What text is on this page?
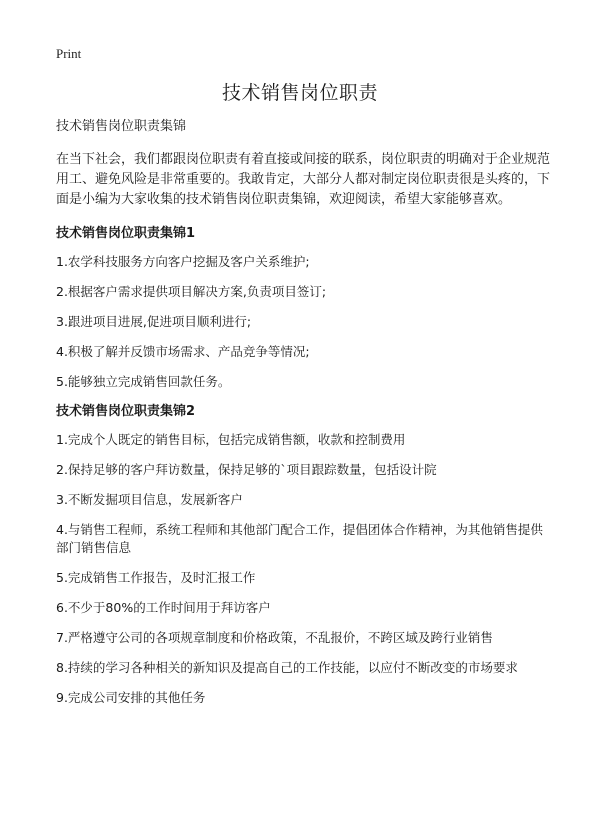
Print
技术销售岗位职责

技术销售岗位职责集锦

在当下社会，我们都跟岗位职责有着直接或间接的联系，岗位职责的明确对于企业规范用工、避免风险是非常重要的。我敢肯定，大部分人都对制定岗位职责很是头疼的，下面是小编为大家收集的技术销售岗位职责集锦，欢迎阅读，希望大家能够喜欢。

技术销售岗位职责集锦1

1.农学科技服务方向客户挖掘及客户关系维护;
2.根据客户需求提供项目解决方案,负责项目签订;
3.跟进项目进展,促进项目顺利进行;
4.积极了解并反馈市场需求、产品竞争等情况;
5.能够独立完成销售回款任务。

技术销售岗位职责集锦2

1.完成个人既定的销售目标，包括完成销售额，收款和控制费用
2.保持足够的客户拜访数量，保持足够的`项目跟踪数量，包括设计院
3.不断发掘项目信息，发展新客户
4.与销售工程师，系统工程师和其他部门配合工作，提倡团体合作精神，为其他销售提供部门销售信息
5.完成销售工作报告，及时汇报工作
6.不少于80%的工作时间用于拜访客户
7.严格遵守公司的各项规章制度和价格政策，不乱报价，不跨区域及跨行业销售
8.持续的学习各种相关的新知识及提高自己的工作技能，以应付不断改变的市场要求
9.完成公司安排的其他任务
